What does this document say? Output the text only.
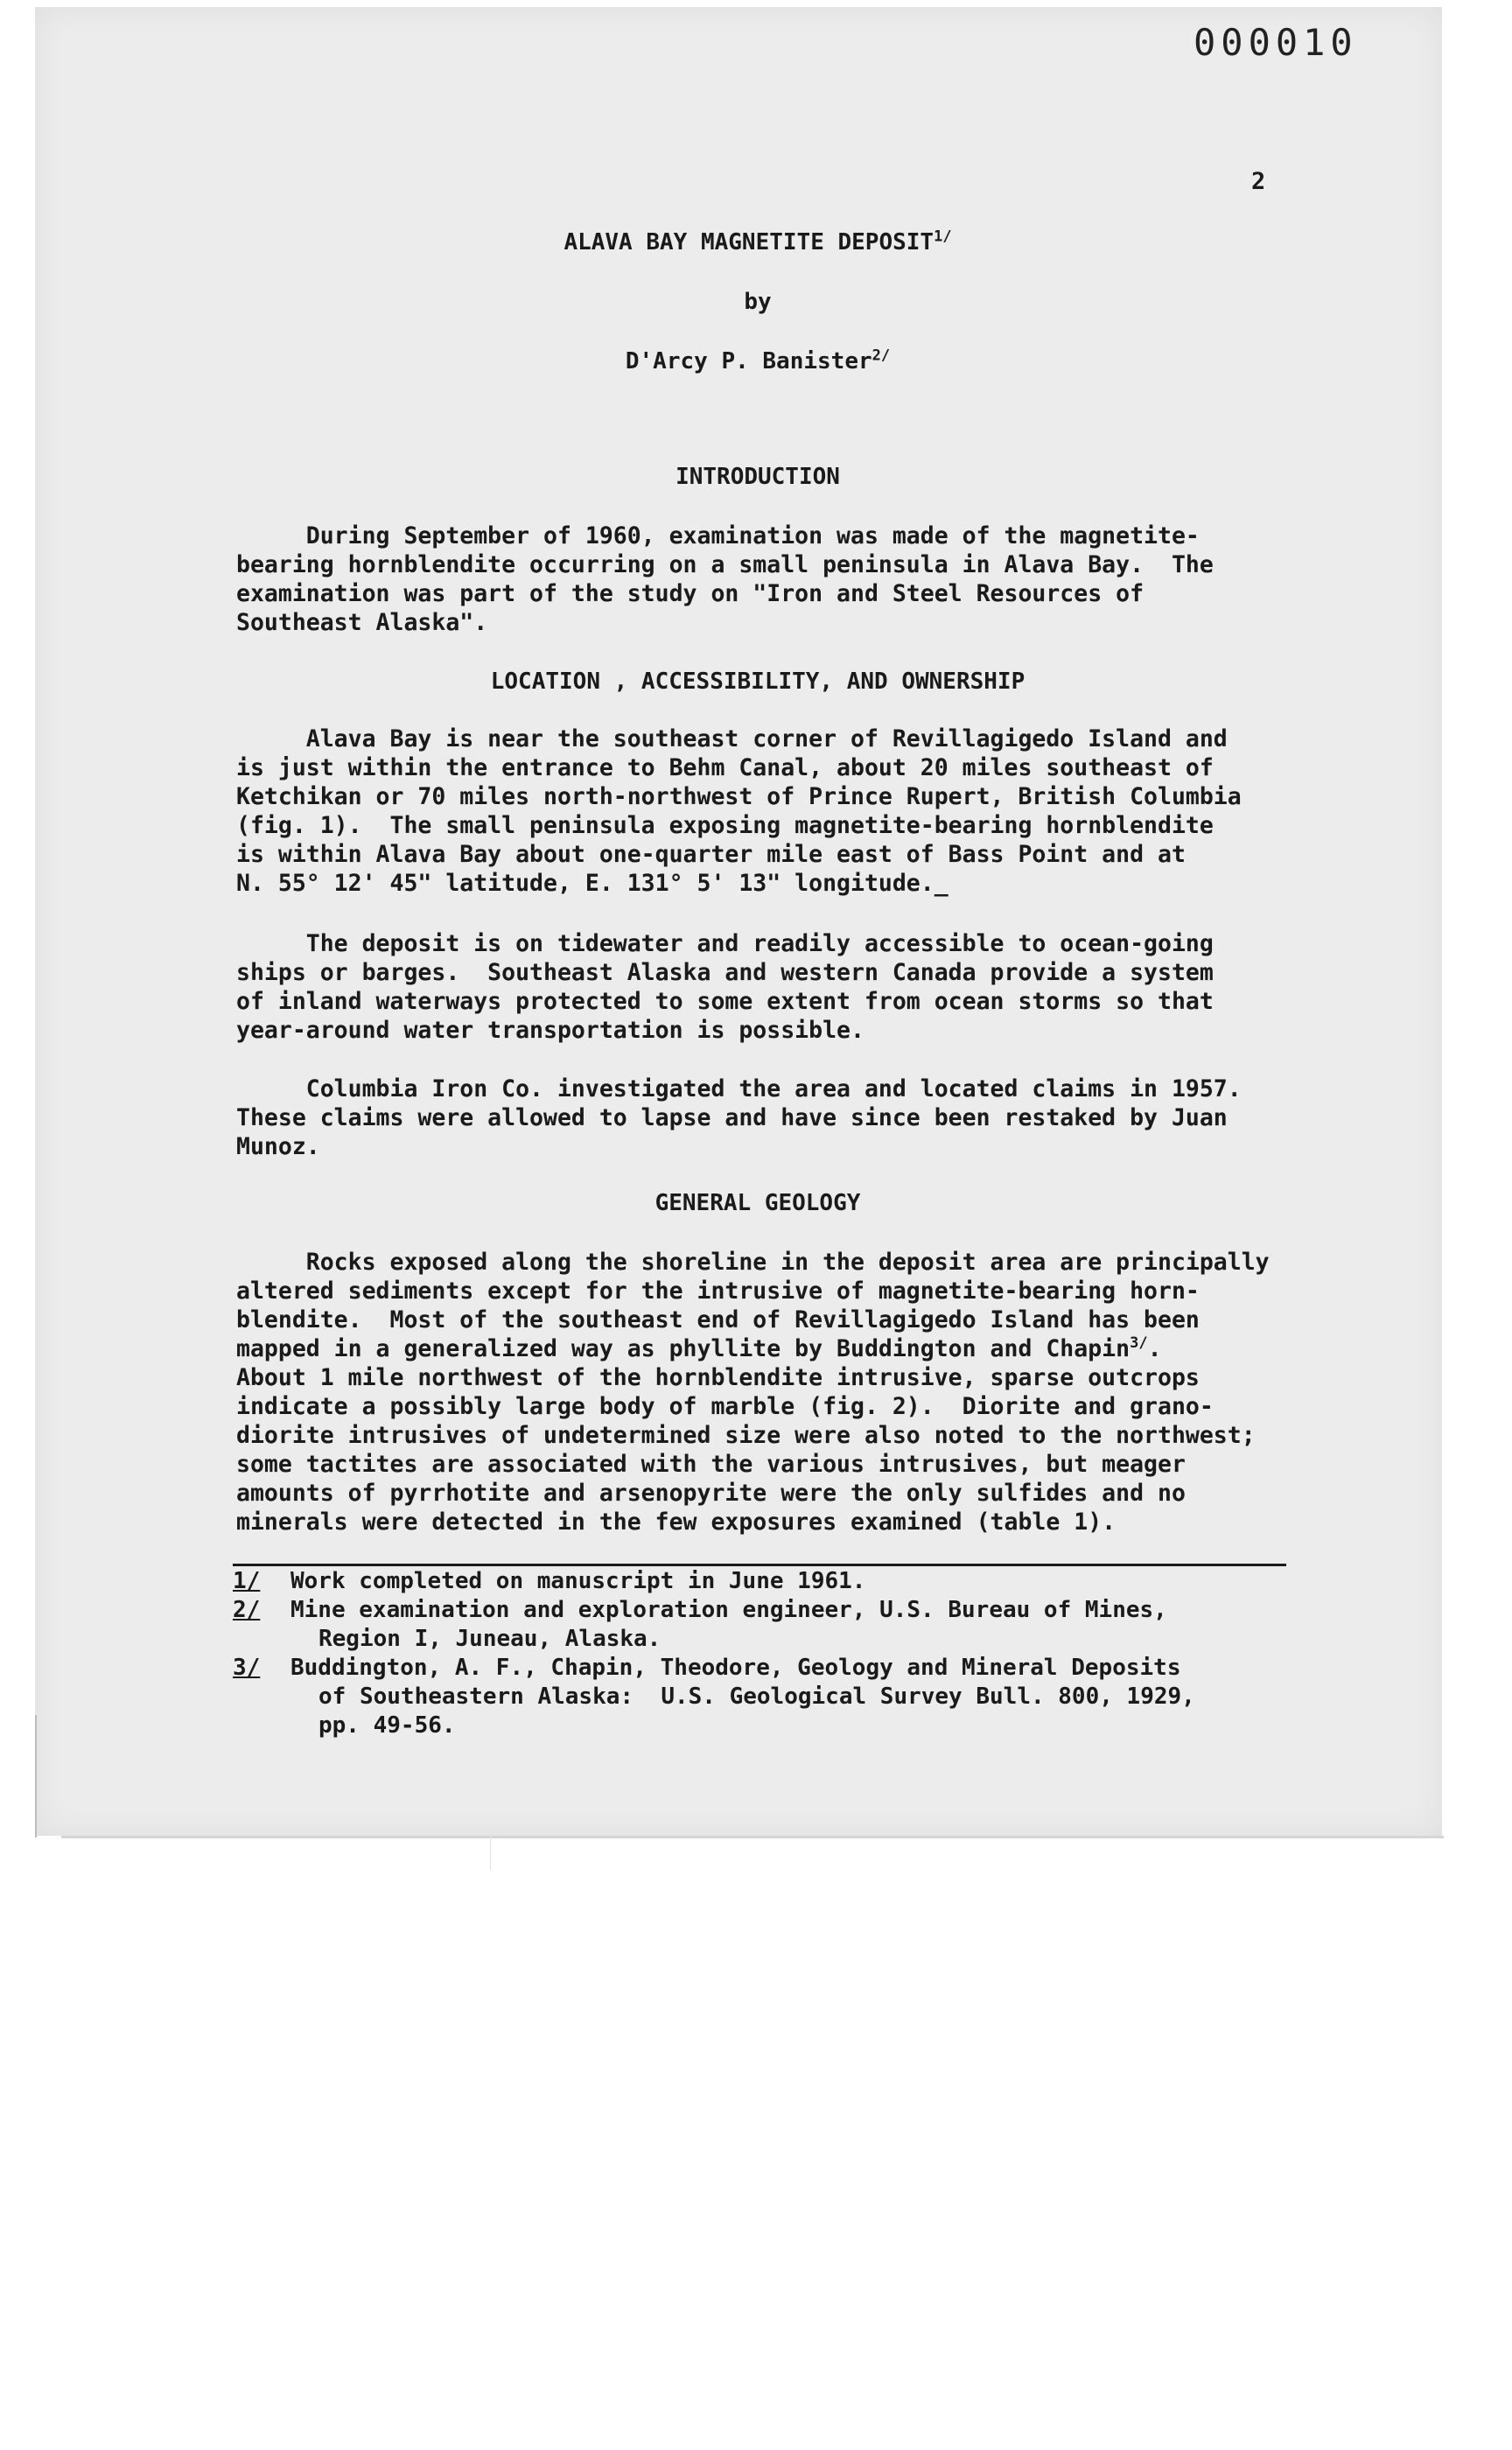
000010
2
ALAVA BAY MAGNETITE $DEPOSIT^{1/}$
by
D'Arcy P. Banister$^{2/}$
INTRODUCTION
During September of 1960, examination was made of the magnetite-
bearing hornblendite occurring on a small peninsula in Alava Bay.  The
examination was part of the study on "Iron and Steel Resources of
Southeast Alaska".
LOCATION , ACCESSIBILITY, AND OWNERSHIP
Alava Bay is near the southeast corner of Revillagigedo Island and
is just within the entrance to Behm Canal, about 20 miles southeast of
Ketchikan or 70 miles north-northwest of Prince Rupert, British Columbia
(fig. 1).  The small peninsula exposing magnetite-bearing hornblendite
is within Alava Bay about one-quarter mile east of Bass Point and at
N. 55° 12' 45" latitude, E. 131° 5' 13" longitude._
The deposit is on tidewater and readily accessible to ocean-going
ships or barges.  Southeast Alaska and western Canada provide a system
of inland waterways protected to some extent from ocean storms so that
year-around water transportation is possible.
Columbia Iron Co. investigated the area and located claims in 1957.
These claims were allowed to lapse and have since been restaked by Juan
Munoz.
GENERAL GEOLOGY
Rocks exposed along the shoreline in the deposit area are principally
altered sediments except for the intrusive of magnetite-bearing horn-
blendite.  Most of the southeast end of Revillagigedo Island has been
mapped in a generalized way as phyllite by Buddington and Chapin$^{3/}$.
About 1 mile northwest of the hornblendite intrusive, sparse outcrops
indicate a possibly large body of marble (fig. 2).  Diorite and grano-
diorite intrusives of undetermined size were also noted to the northwest;
some tactites are associated with the various intrusives, but meager
amounts of pyrrhotite and arsenopyrite were the only sulfides and no
minerals were detected in the few exposures examined (table 1).
1/ Work completed on manuscript in June 1961.
2/ Mine examination and exploration engineer, U.S. Bureau of Mines,
Region I, Juneau, Alaska.
3/ Buddington, A. F., Chapin, Theodore, Geology and Mineral Deposits
of Southeastern Alaska:  U.S. Geological Survey Bull. 800, 1929,
pp. 49-56.
